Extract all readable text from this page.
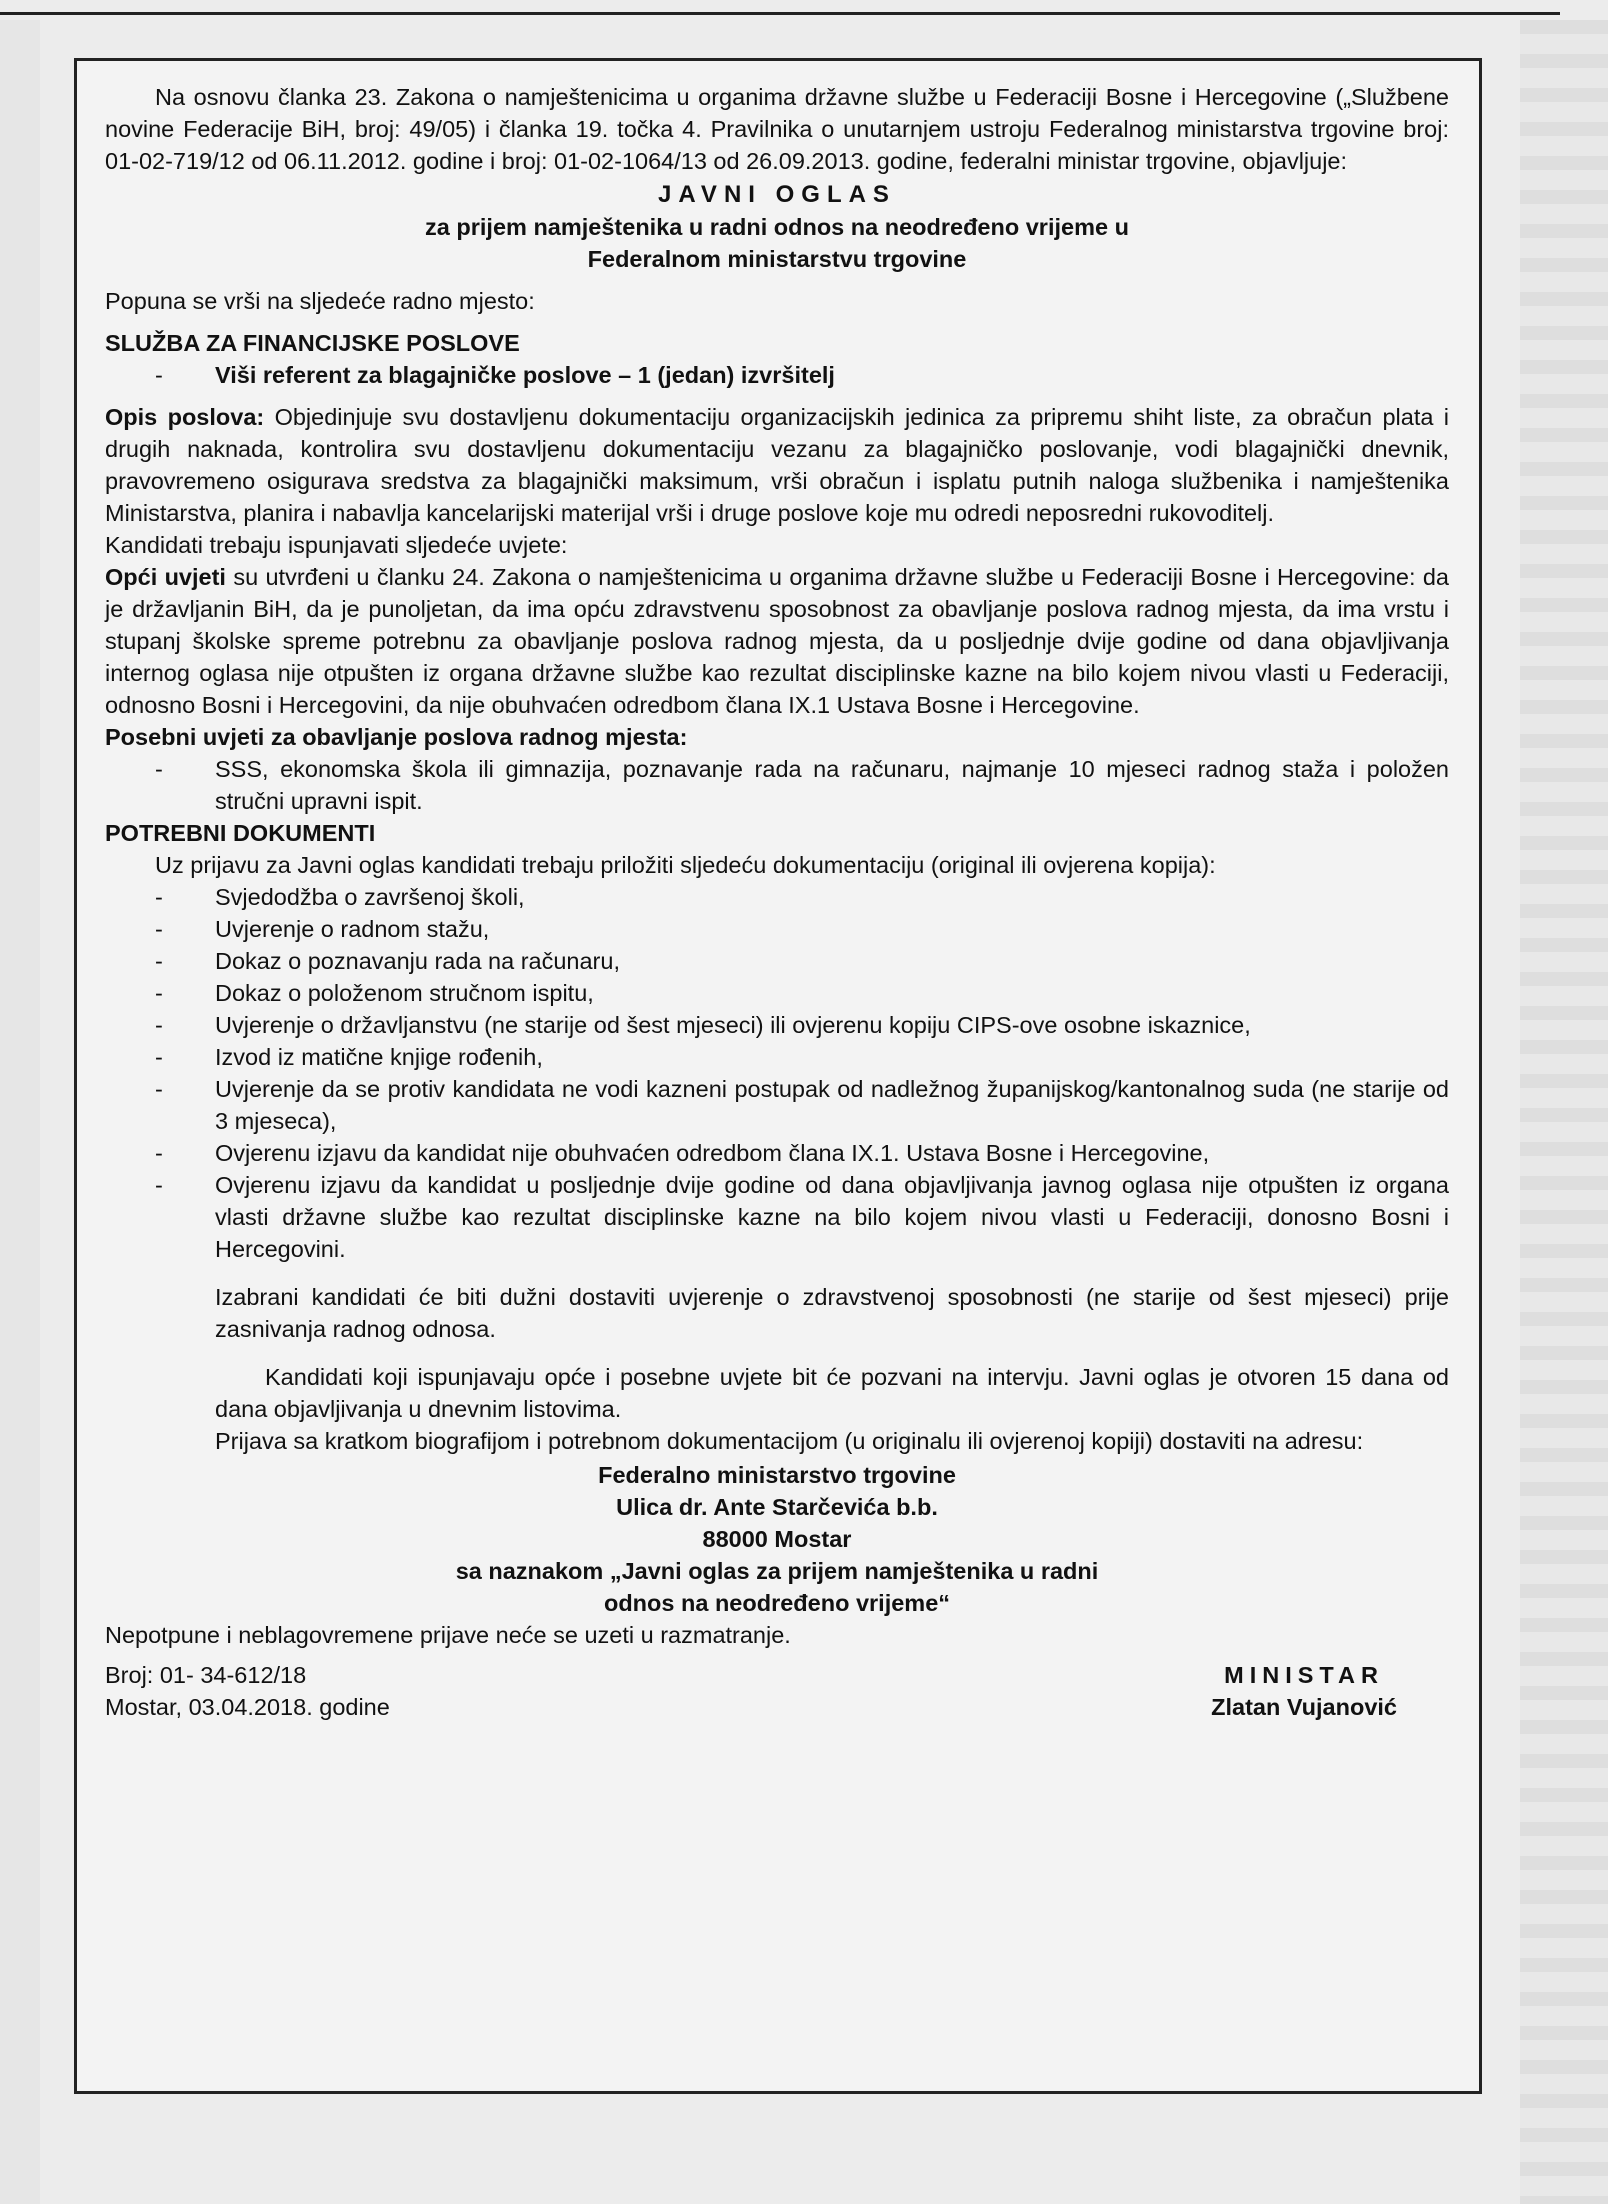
Na osnovu članka 23. Zakona o namještenicima u organima državne službe u Federaciji Bosne i Hercegovine („Službene novine Federacije BiH, broj: 49/05) i članka 19. točka 4. Pravilnika o unutarnjem ustroju Federalnog ministarstva trgovine broj: 01-02-719/12 od 06.11.2012. godine i broj: 01-02-1064/13 od 26.09.2013. godine, federalni ministar trgovine, objavljuje:

JAVNI OGLAS

za prijem namještenika u radni odnos na neodređeno vrijeme u

Federalnom ministarstvu trgovine

Popuna se vrši na sljedeće radno mjesto:

SLUŽBA ZA FINANCIJSKE POSLOVE

- Viši referent za blagajničke poslove – 1 (jedan) izvršitelj

Opis poslova: Objedinjuje svu dostavljenu dokumentaciju organizacijskih jedinica za pripremu shiht liste, za obračun plata i drugih naknada, kontrolira svu dostavljenu dokumentaciju vezanu za blagajničko poslovanje, vodi blagajnički dnevnik, pravovremeno osigurava sredstva za blagajnički maksimum, vrši obračun i isplatu putnih naloga službenika i namještenika Ministarstva, planira i nabavlja kancelarijski materijal vrši i druge poslove koje mu odredi neposredni rukovoditelj.

Kandidati trebaju ispunjavati sljedeće uvjete:

Opći uvjeti su utvrđeni u članku 24. Zakona o namještenicima u organima državne službe u Federaciji Bosne i Hercegovine: da je državljanin BiH, da je punoljetan, da ima opću zdravstvenu sposobnost za obavljanje poslova radnog mjesta, da ima vrstu i stupanj školske spreme potrebnu za obavljanje poslova radnog mjesta, da u posljednje dvije godine od dana objavljivanja internog oglasa nije otpušten iz organa državne službe kao rezultat disciplinske kazne na bilo kojem nivou vlasti u Federaciji, odnosno Bosni i Hercegovini, da nije obuhvaćen odredbom člana IX.1 Ustava Bosne i Hercegovine.

Posebni uvjeti za obavljanje poslova radnog mjesta:

- SSS, ekonomska škola ili gimnazija, poznavanje rada na računaru, najmanje 10 mjeseci radnog staža i položen stručni upravni ispit.

POTREBNI DOKUMENTI

Uz prijavu za Javni oglas kandidati trebaju priložiti sljedeću dokumentaciju (original ili ovjerena kopija):

- Svjedodžba o završenoj školi,
- Uvjerenje o radnom stažu,
- Dokaz o poznavanju rada na računaru,
- Dokaz o položenom stručnom ispitu,
- Uvjerenje o državljanstvu (ne starije od šest mjeseci) ili ovjerenu kopiju CIPS-ove osobne iskaznice,
- Izvod iz matične knjige rođenih,
- Uvjerenje da se protiv kandidata ne vodi kazneni postupak od nadležnog županijskog/kantonalnog suda (ne starije od 3 mjeseca),
- Ovjerenu izjavu da kandidat nije obuhvaćen odredbom člana IX.1. Ustava Bosne i Hercegovine,
- Ovjerenu izjavu da kandidat u posljednje dvije godine od dana objavljivanja javnog oglasa nije otpušten iz organa vlasti državne službe kao rezultat disciplinske kazne na bilo kojem nivou vlasti u Federaciji, donosno Bosni i Hercegovini.

Izabrani kandidati će biti dužni dostaviti uvjerenje o zdravstvenoj sposobnosti (ne starije od šest mjeseci) prije zasnivanja radnog odnosa.

Kandidati koji ispunjavaju opće i posebne uvjete bit će pozvani na intervju. Javni oglas je otvoren 15 dana od dana objavljivanja u dnevnim listovima.

Prijava sa kratkom biografijom i potrebnom dokumentacijom (u originalu ili ovjerenoj kopiji) dostaviti na adresu:

Federalno ministarstvo trgovine

Ulica dr. Ante Starčevića b.b.

88000 Mostar

sa naznakom „Javni oglas za prijem namještenika u radni

odnos na neodređeno vrijeme“

Nepotpune i neblagovremene prijave neće se uzeti u razmatranje.

Broj: 01- 34-612/18

Mostar, 03.04.2018. godine

MINISTAR

Zlatan Vujanović
